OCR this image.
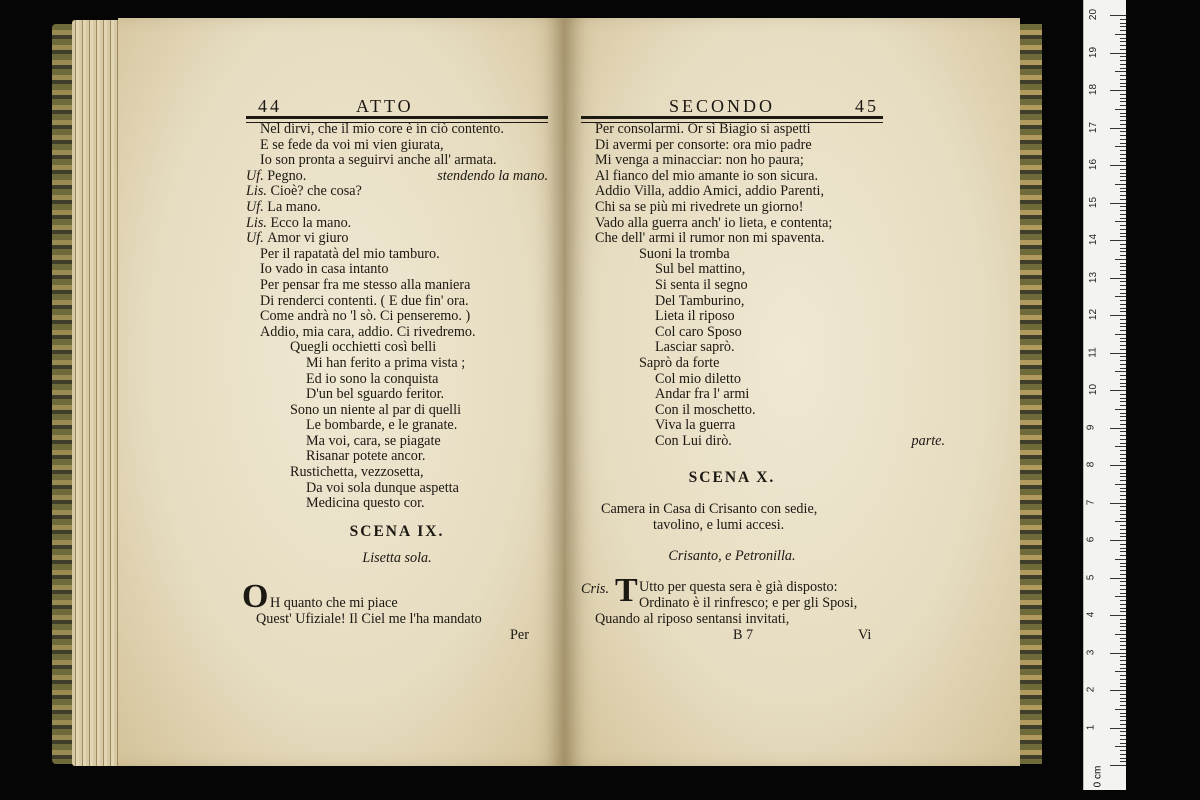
44	ATTO
Nel dirvi, che il mio core è in ciò contento.
E se fede da voi mi vien giurata,
Io son pronta a seguirvi anche all' armata.
Uf. Pegno.	stendendo la mano.
Lis. Cioè? che cosa?
Uf. La mano.
Lis. Ecco la mano.
Uf. Amor vi giuro
Per il rapatatà del mio tamburo.
Io vado in casa intanto
Per pensar fra me stesso alla maniera
Di renderci contenti. ( E due fin' ora.
Come andrà no 'l sò. Ci penseremo. )
Addio, mia cara, addio. Ci rivedremo.
Quegli occhietti così belli
Mi han ferito a prima vista ;
Ed io sono la conquista
D'un bel sguardo feritor.
Sono un niente al par di quelli
Le bombarde, e le granate.
Ma voi, cara, se piagate
Risanar potete ancor.
Rustichetta, vezzosetta,
Da voi sola dunque aspetta
Medicina questo cor.
SCENA IX.
Lisetta sola.
O H quanto che mi piace
Quest' Ufiziale! Il Ciel me l'ha mandato
Per
SECONDO	45
Per consolarmi. Or sì Biagio si aspetti
Di avermi per consorte: ora mio padre
Mi venga a minacciar: non ho paura;
Al fianco del mio amante io son sicura.
Addio Villa, addio Amici, addio Parenti,
Chi sa se più mi rivedrete un giorno!
Vado alla guerra anch' io lieta, e contenta;
Che dell' armi il rumor non mi spaventa.
Suoni la tromba
Sul bel mattino,
Si senta il segno
Del Tamburino,
Lieta il riposo
Col caro Sposo
Lasciar saprò.
Saprò da forte
Col mio diletto
Andar fra l' armi
Con il moschetto.
Viva la guerra
Con Lui dirò.	parte.
SCENA X.
Camera in Casa di Crisanto con sedie,
tavolino, e lumi accesi.
Crisanto, e Petronilla.
Cris. T Utto per questa sera è già disposto:
Ordinato è il rinfresco; e per gli Sposi,
Quando al riposo sentansi invitati,
B 7	Vi
0 cm
1
2
3
4
5
6
7
8
9
10
11
12
13
14
15
16
17
18
19
20
